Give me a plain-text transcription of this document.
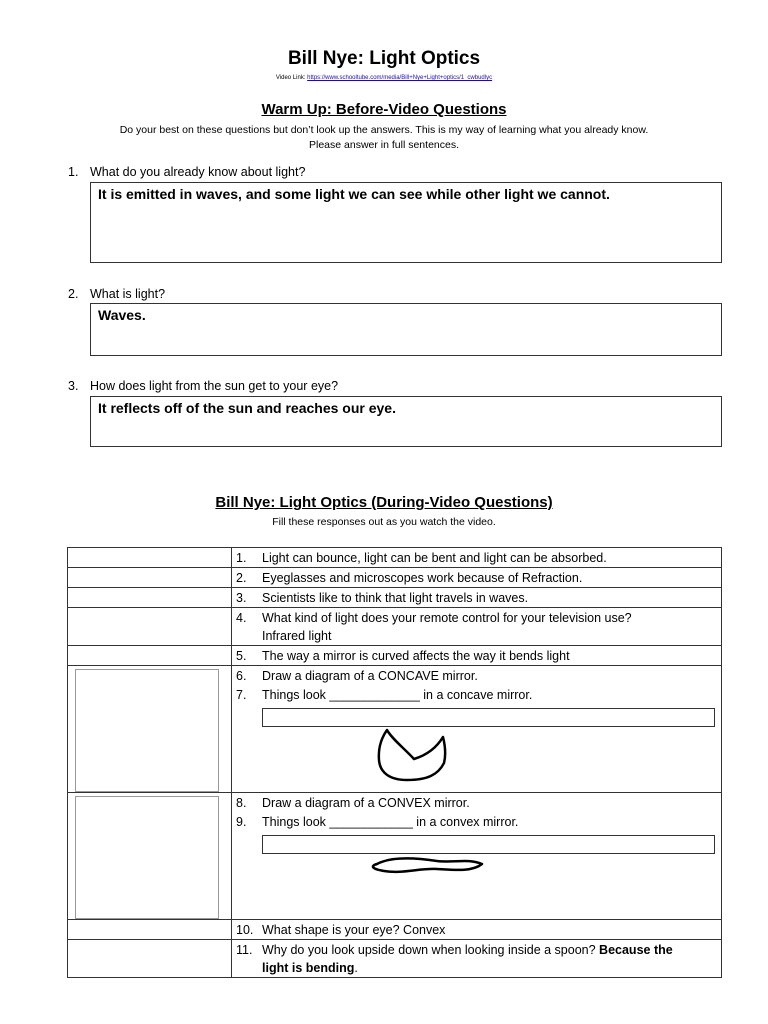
Bill Nye: Light Optics
Video Link: https://www.schooltube.com/media/Bill+Nye+Light+optics/1_cwbudlyc
Warm Up: Before-Video Questions
Do your best on these questions but don’t look up the answers. This is my way of learning what you already know.
Please answer in full sentences.
1. What do you already know about light?
It is emitted in waves, and some light we can see while other light we cannot.
2. What is light?
Waves.
3. How does light from the sun get to your eye?
It reflects off of the sun and reaches our eye.
Bill Nye: Light Optics (During-Video Questions)
Fill these responses out as you watch the video.

	1. Light can bounce, light can be bent and light can be absorbed.

	2. Eyeglasses and microscopes work because of Refraction.

	3. Scientists like to think that light travels in waves.

	4. What kind of light does your remote control for your television use?
Infrared light

	5. The way a mirror is curved affects the way it bends light

	6. Draw a diagram of a CONCAVE mirror.
7. Things look _____________ in a concave mirror.

	8. Draw a diagram of a CONVEX mirror.
9. Things look ____________ in a convex mirror.

	10. What shape is your eye? Convex

	11. Why do you look upside down when looking inside a spoon? Because the
light is bending.
